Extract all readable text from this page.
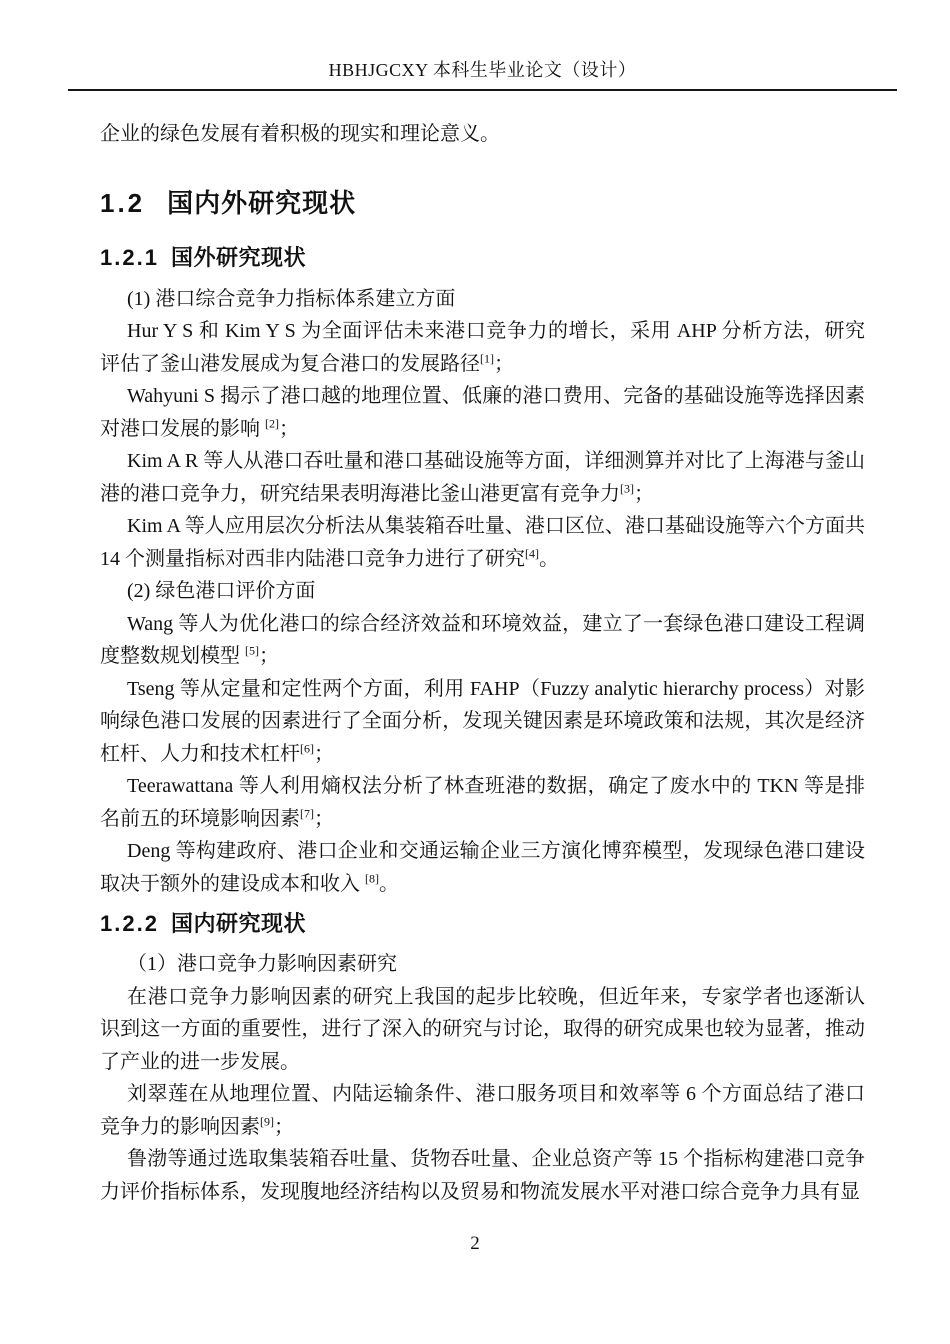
HBHJGCXY 本科生毕业论文（设计）

企业的绿色发展有着积极的现实和理论意义。

1.2 国内外研究现状
1.2.1 国外研究现状

(1) 港口综合竞争力指标体系建立方面

Hur Y S 和 Kim Y S 为全面评估未来港口竞争力的增长，采用 AHP 分析方法，研究评估了釜山港发展成为复合港口的发展路径[1]；

Wahyuni S 揭示了港口越的地理位置、低廉的港口费用、完备的基础设施等选择因素对港口发展的影响 [2]；

Kim A R 等人从港口吞吐量和港口基础设施等方面，详细测算并对比了上海港与釜山港的港口竞争力，研究结果表明海港比釜山港更富有竞争力[3]；

Kim A 等人应用层次分析法从集装箱吞吐量、港口区位、港口基础设施等六个方面共 14 个测量指标对西非内陆港口竞争力进行了研究[4]。

(2) 绿色港口评价方面

Wang 等人为优化港口的综合经济效益和环境效益，建立了一套绿色港口建设工程调度整数规划模型 [5]；

Tseng 等从定量和定性两个方面，利用 FAHP（Fuzzy analytic hierarchy process）对影响绿色港口发展的因素进行了全面分析，发现关键因素是环境政策和法规，其次是经济杠杆、人力和技术杠杆[6]；

Teerawattana 等人利用熵权法分析了林查班港的数据，确定了废水中的 TKN 等是排名前五的环境影响因素[7]；

Deng 等构建政府、港口企业和交通运输企业三方演化博弈模型，发现绿色港口建设取决于额外的建设成本和收入 [8]。

1.2.2 国内研究现状

（1）港口竞争力影响因素研究

在港口竞争力影响因素的研究上我国的起步比较晚，但近年来，专家学者也逐渐认识到这一方面的重要性，进行了深入的研究与讨论，取得的研究成果也较为显著，推动了产业的进一步发展。

刘翠莲在从地理位置、内陆运输条件、港口服务项目和效率等 6 个方面总结了港口竞争力的影响因素[9]；

鲁渤等通过选取集装箱吞吐量、货物吞吐量、企业总资产等 15 个指标构建港口竞争力评价指标体系，发现腹地经济结构以及贸易和物流发展水平对港口综合竞争力具有显

2
